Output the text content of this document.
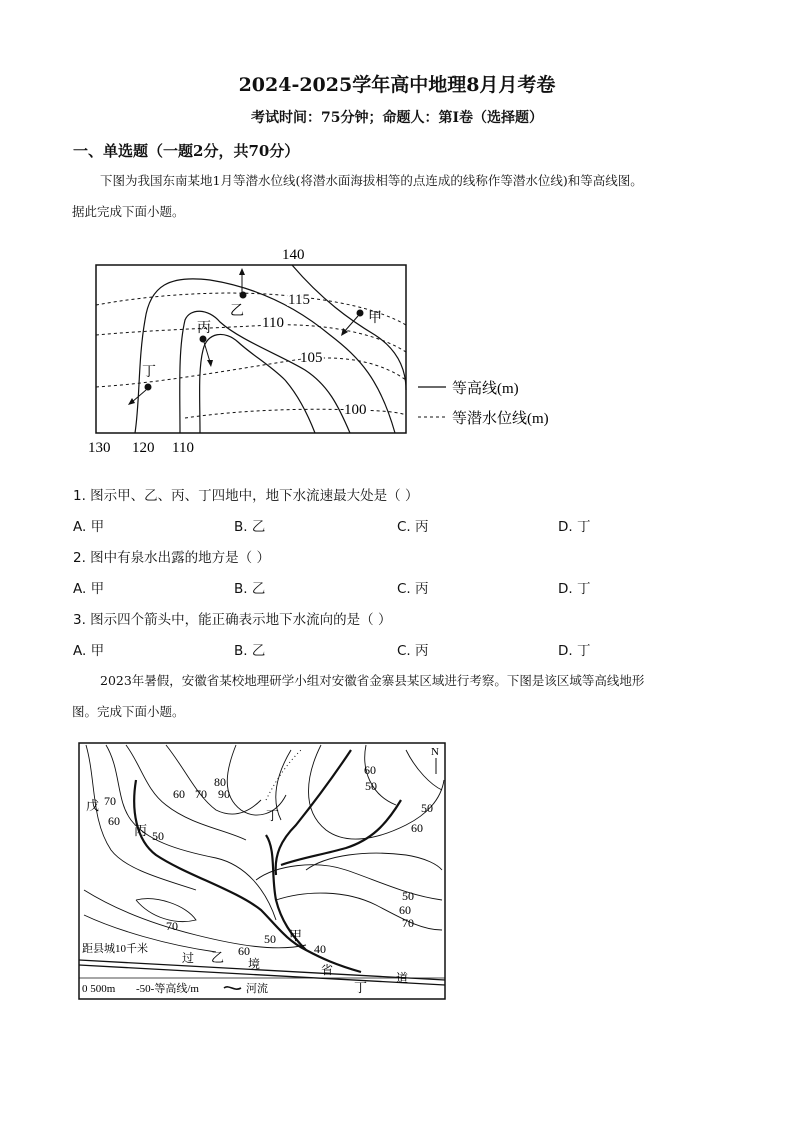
2024-2025学年高中地理8月月考卷
考试时间：75分钟；命题人：第I卷（选择题）
一、单选题（一题2分，共70分）
下图为我国东南某地1月等潜水位线(将潜水面海拔相等的点连成的线称作等潜水位线)和等高线图。
据此完成下面小题。
140
115
110
105
100
130 120 110
甲
乙
丙
丁
等高线(m)
等潜水位线(m)
1. 图示甲、乙、丙、丁四地中，地下水流速最大处是（ ）
A. 甲	B. 乙	C. 丙	D. 丁
2. 图中有泉水出露的地方是（ ）
A. 甲	B. 乙	C. 丙	D. 丁
3. 图示四个箭头中，能正确表示地下水流向的是（ ）
A. 甲	B. 乙	C. 丙	D. 丁
2023年暑假，安徽省某校地理研学小组对安徽省金寨县某区域进行考察。下图是该区域等高线地形
图。完成下面小题。
N
戊
丙
丁
甲
乙
丁
70
60
50
80
90
60 70
60
50
50
60
50
60
70
70
60
50
40
距县城10千米
过	境	省
道
0 500m -50-等高线/m	河流
